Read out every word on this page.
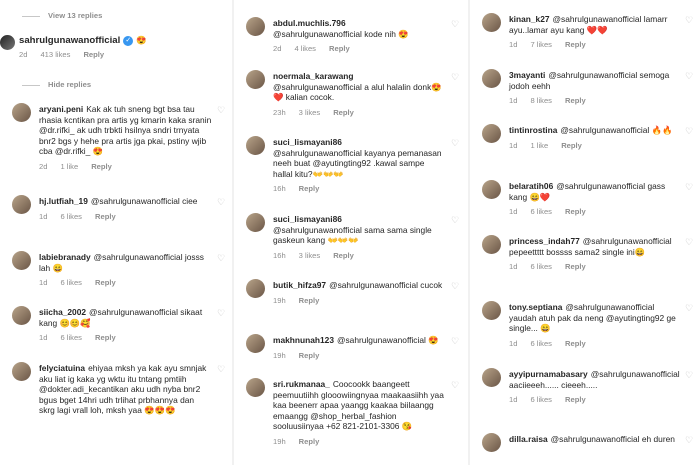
View 13 replies
sahrulgunawanofficial ✓ 😍
2d 413 likes Reply
Hide replies
aryani.peni Kak ak tuh sneng bgt bsa tau rhasia kcntikan pra artis yg kmarin kaka sranin @dr.rifki_ ak udh trbkti hsilnya sndri trnyata bnr2 bgs y hehe pra artis jga pkai, pstiny wjib cba @dr.rifki_ 😍
2d 1 like Reply
♡
hj.lutfiah_19 @sahrulgunawanofficial ciee
1d 6 likes Reply
♡
labiebranady @sahrulgunawanofficial josss lah 😄
1d 6 likes Reply
♡
siicha_2002 @sahrulgunawanofficial sikaat kang 😊😊🥰
1d 6 likes Reply
♡
felyciatuina ehiyaa mksh ya kak ayu smnjak aku liat ig kaka yg wktu itu tntang pmtiih @dokter.adi_kecantikan aku udh nyba bnr2 bgus bget 14hri udh trlihat prbhannya dan skrg lagi vrall loh, mksh yaa 😍😍😍
♡
abdul.muchlis.796
@sahrulgunawanofficial kode nih 😍
2d 4 likes Reply
♡
noermala_karawang
@sahrulgunawanofficial a alul halalin donk😍❤️ kalian cocok.
23h 3 likes Reply
♡
suci_lismayani86
@sahrulgunawanofficial kayanya pemanasan neeh buat @ayutingting92 .kawal sampe hallal kitu?👐👐👐
16h Reply
♡
suci_lismayani86
@sahrulgunawanofficial sama sama single gaskeun kang 👐👐👐
16h 3 likes Reply
♡
butik_hifza97 @sahrulgunawanofficial cucok
19h Reply
♡
makhnunah123 @sahrulgunawanofficial 😍
19h Reply
♡
sri.rukmanaa_ Coocookk baangeett peemuutiihh glooowiingnyaa maakaasiihh yaa kaa beenerr apaa yaangg kaakaa biilaangg emaangg @shop_herbal_fashion sooluusiinyaa +62 821-2101-3306 😘
19h Reply
♡
kinan_k27 @sahrulgunawanofficial lamarr ayu..lamar ayu kang ❤️❤️
1d 7 likes Reply
♡
3mayanti @sahrulgunawanofficial semoga jodoh eehh
1d 8 likes Reply
♡
tintinrostina @sahrulgunawanofficial 🔥🔥
1d 1 like Reply
♡
belaratih06 @sahrulgunawanofficial gass kang 😄❤️
1d 6 likes Reply
♡
princess_indah77 @sahrulgunawanofficial pepeettttt bossss sama2 single ini😄
1d 6 likes Reply
♡
tony.septiana @sahrulgunawanofficial yaudah atuh pak da neng @ayutingting92 ge single... 😄
1d 6 likes Reply
♡
ayyipurnamabasary @sahrulgunawanofficial aaciieeeh...... cieeeh.....
1d 6 likes Reply
♡
dilla.raisa @sahrulgunawanofficial eh duren	♡
